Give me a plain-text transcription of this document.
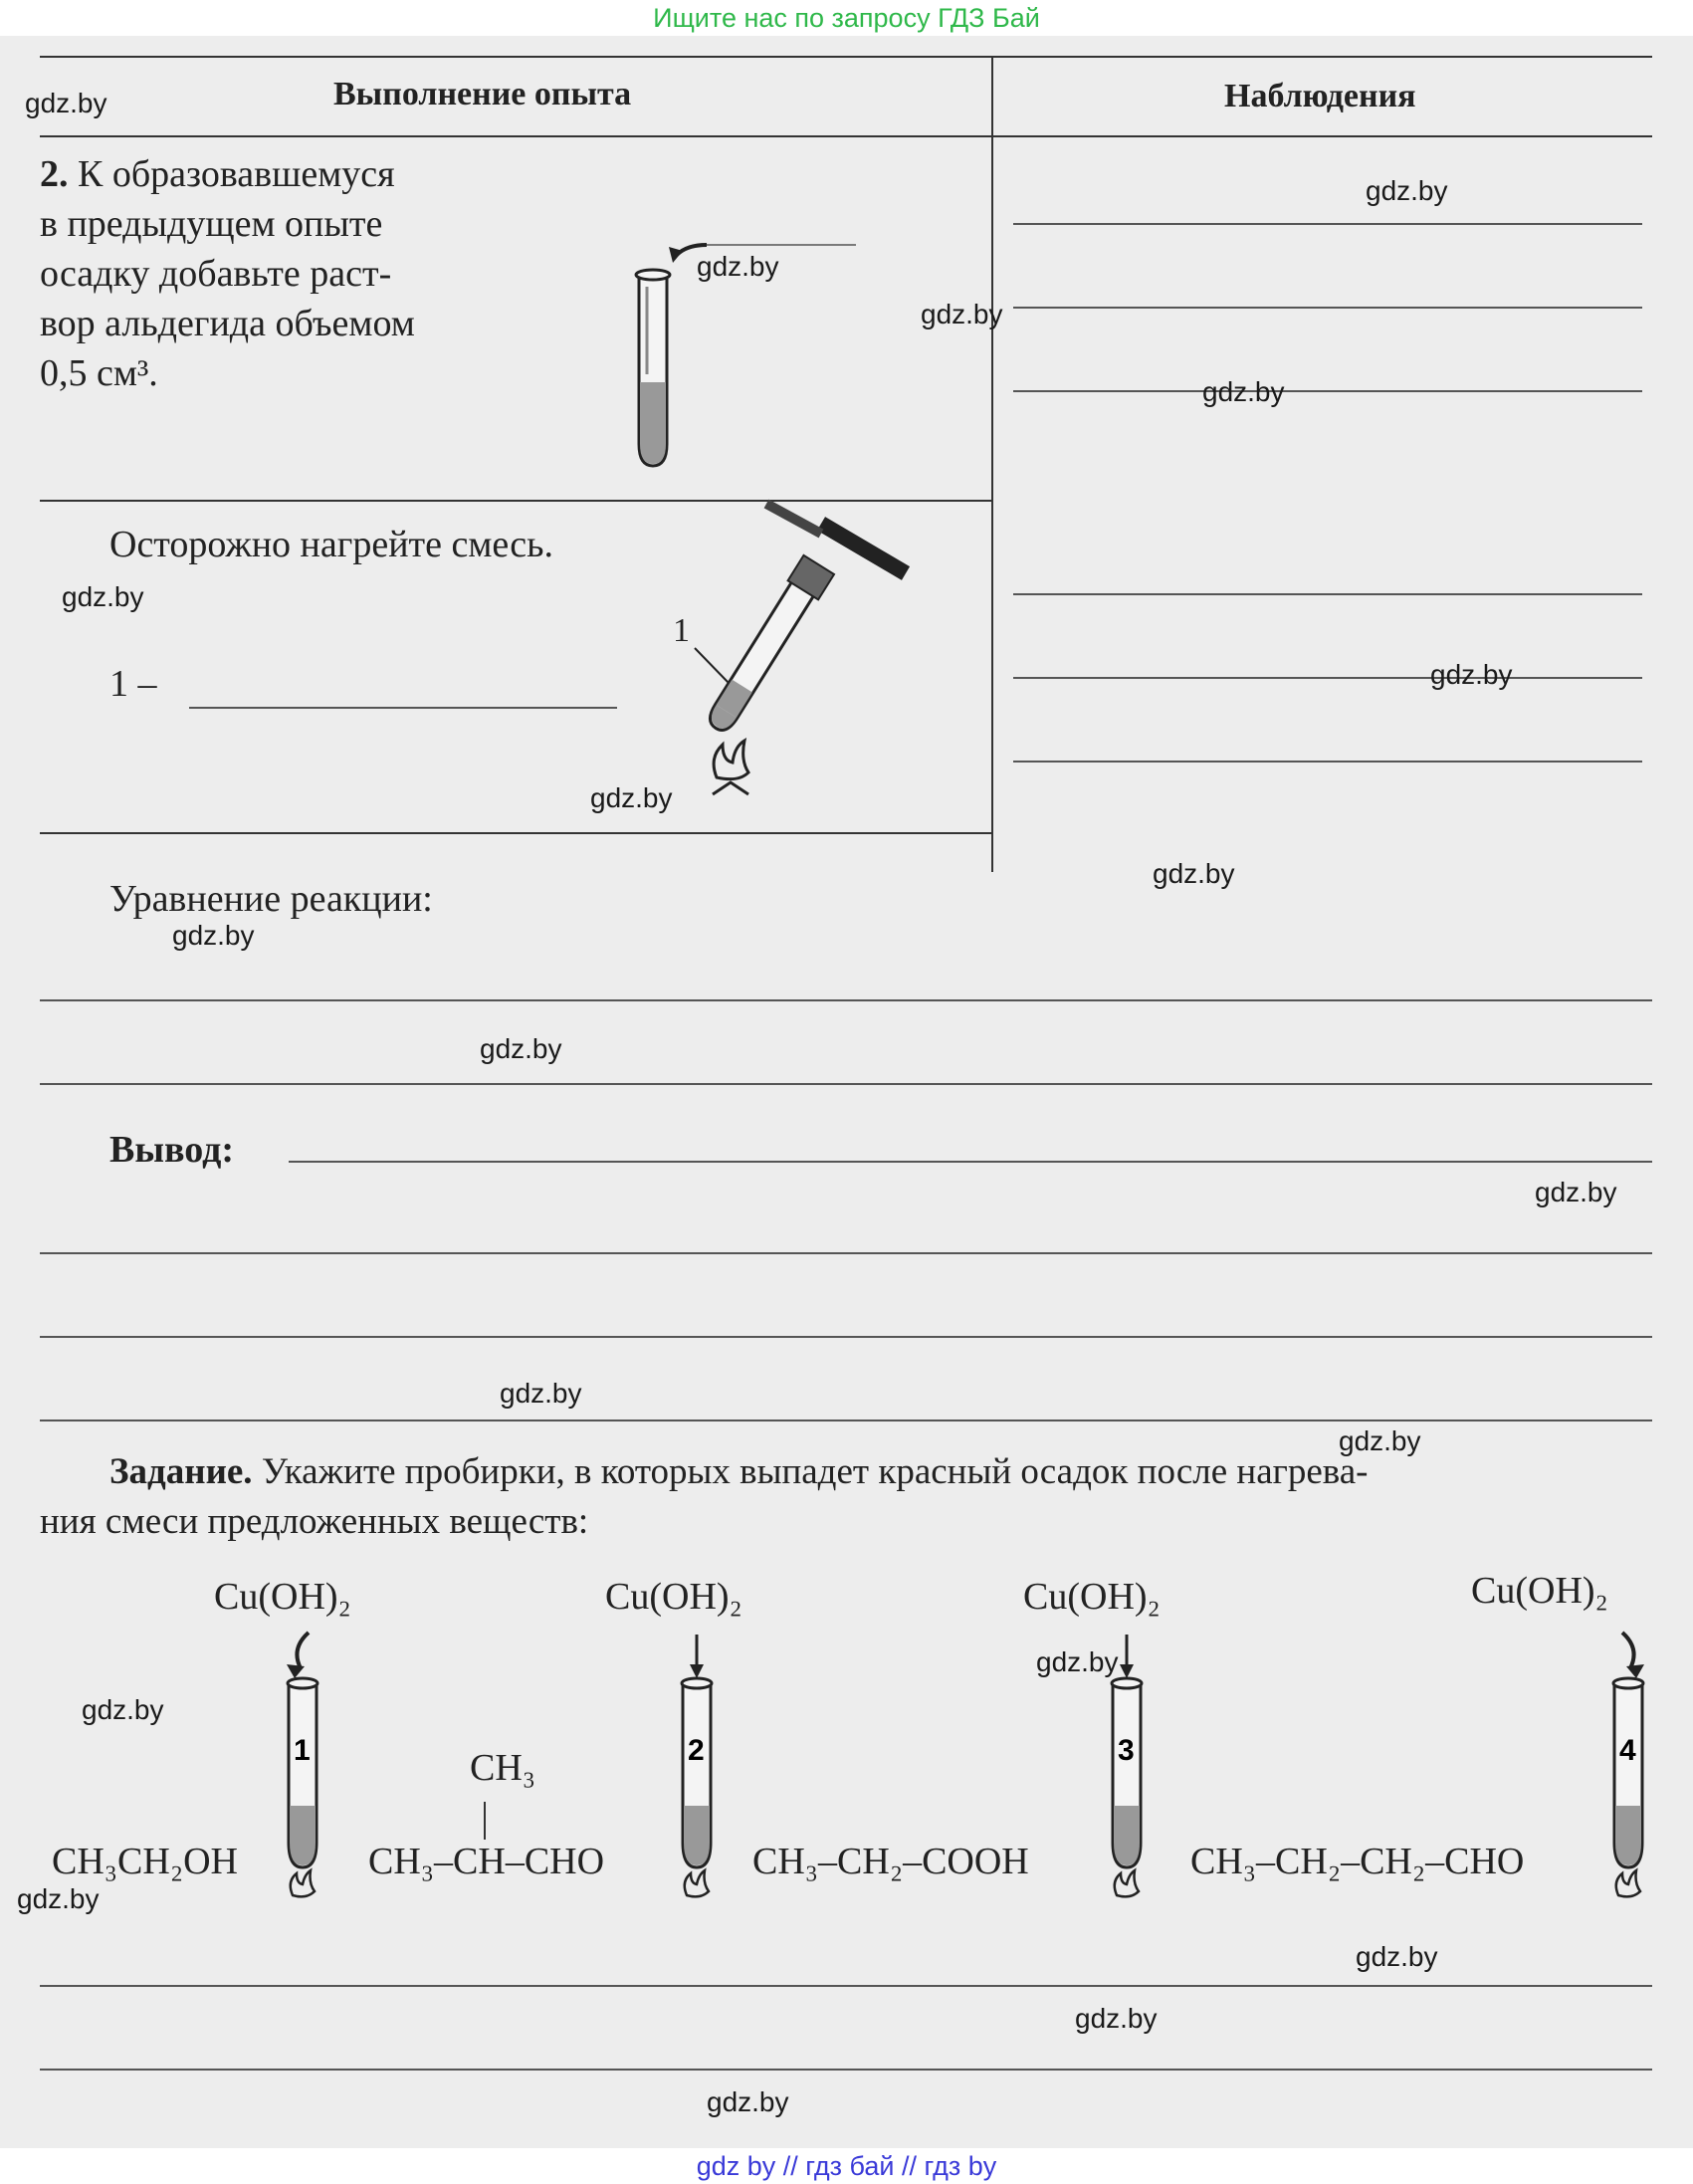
Ищите нас по запросу ГДЗ Бай
Выполнение опыта	Наблюдения
2. К образовавшемуся
в предыдущем опыте
осадку добавьте раст-
вор альдегида объемом
0,5 см³.
Осторожно нагрейте смесь.
1 –
1
Уравнение реакции:
Вывод:
Задание. Укажите пробирки, в которых выпадет красный осадок после нагрева-
ния смеси предложенных веществ:
Cu(OH)₂	Cu(OH)₂	Cu(OH)₂	Cu(OH)₂
1
CH₃CH₂OH
2
CH₃
CH₃–CH–CHO
3
CH₃–CH₂–COOH
4
CH₃–CH₂–CH₂–CHO
gdz.by
gdz.by
gdz.by
gdz.by
gdz.by
gdz.by
gdz.by
gdz.by
gdz.by
gdz.by
gdz.by
gdz.by
gdz.by
gdz.by
gdz.by
gdz.by
gdz.by
gdz.by
gdz.by
gdz.by
gdz by // гдз бай // гдз by
